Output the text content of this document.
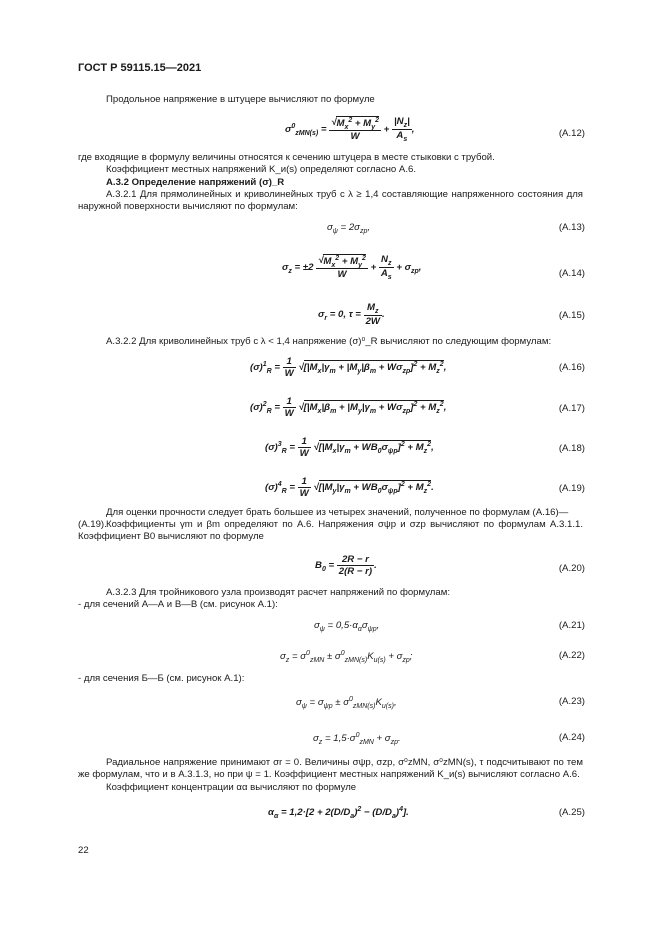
ГОСТ Р 59115.15—2021
Продольное напряжение в штуцере вычисляют по формуле
$\sigma^0_{zMN(s)} = \frac{√M_x^2 + M_y^2}{W} + \frac{|N_z|}{A_s}$ ,	(А.12)
где входящие в формулу величины относятся к сечению штуцера в месте стыковки с трубой.
Коэффициент местных напряжений K_и(s) определяют согласно А.6.
А.3.2 Определение напряжений (σ)_R
А.3.2.1 Для прямолинейных и криволинейных труб с λ ≥ 1,4 составляющие напряженного состояния для наружной поверхности вычисляют по формулам:
$\sigma_\psi = 2\sigma_{zp}$,	(А.13)
$\sigma_z = \pm 2 \frac{√M_x^2 + M_y^2}{W} + \frac{N_z}{A_s} + \sigma_{zp}$,
(А.14)
$\sigma_r = 0$, $\tau = \frac{M_z}{2W}$ .	(А.15)
А.3.2.2 Для криволинейных труб с λ < 1,4 напряжение (σ)⁰_R вычисляют по следующим формулам:
$(\sigma)^1_R = \frac{1}{W} √[|M_x|\gamma_m + |M_y|\beta_m + W\sigma_{zp}]^2 + M_z^2$,	(А.16)
$(\sigma)^2_R = \frac{1}{W} √[|M_x|\beta_m + |M_y|\gamma_m + W\sigma_{zp}]^2 + M_z^2$,	(А.17)
$(\sigma)^3_R = \frac{1}{W} √[|M_x|\gamma_m + WB_0\sigma_{\psi p}]^2 + M_z^2$,	(А.18)
$(\sigma)^4_R = \frac{1}{W} √[|M_y|\gamma_m + WB_0\sigma_{\psi p}]^2 + M_z^2$.	(А.19)
Для оценки прочности следует брать большее из четырех значений, полученное по формулам (А.16)—(А.19). Коэффициенты γm и βm определяют по А.6. Напряжения σψp и σzp вычисляют по формулам А.3.1.1. Коэффициент B0 вычисляют по формуле
$B_0 = \frac{2R - r}{2(R - r)}$ .	(А.20)
А.3.2.3 Для тройникового узла производят расчет напряжений по формулам:
- для сечений А—А и В—В (см. рисунок А.1):
$\sigma_\psi = 0,5\cdot\alpha_\alpha\sigma_{\psi p}$,	(А.21)
$\sigma_z = \sigma^0_{zMN} \pm \sigma^0_{zMN(s)}K_{и(s)} + \sigma_{zp}$;	(А.22)
- для сечения Б—Б (см. рисунок А.1):
$\sigma_\psi = \sigma_{\psi p} \pm \sigma^0_{zMN(s)}K_{и(s)}$,	(А.23)
$\sigma_z = 1,5\cdot\sigma^0_{zMN} + \sigma_{zp}$.	(А.24)
Радиальное напряжение принимают σr = 0. Величины σψp, σzp, σ⁰zMN, σ⁰zMN(s), τ подсчитывают по тем же формулам, что и в А.3.1.3, но при ψ = 1. Коэффициент местных напряжений K_и(s) вычисляют согласно А.6.
Коэффициент концентрации αα вычисляют по формуле
$\alpha_\alpha = 1,2\cdot[2 + 2(D/D_a)^2 - (D/D_a)^4]$.	(А.25)
22
